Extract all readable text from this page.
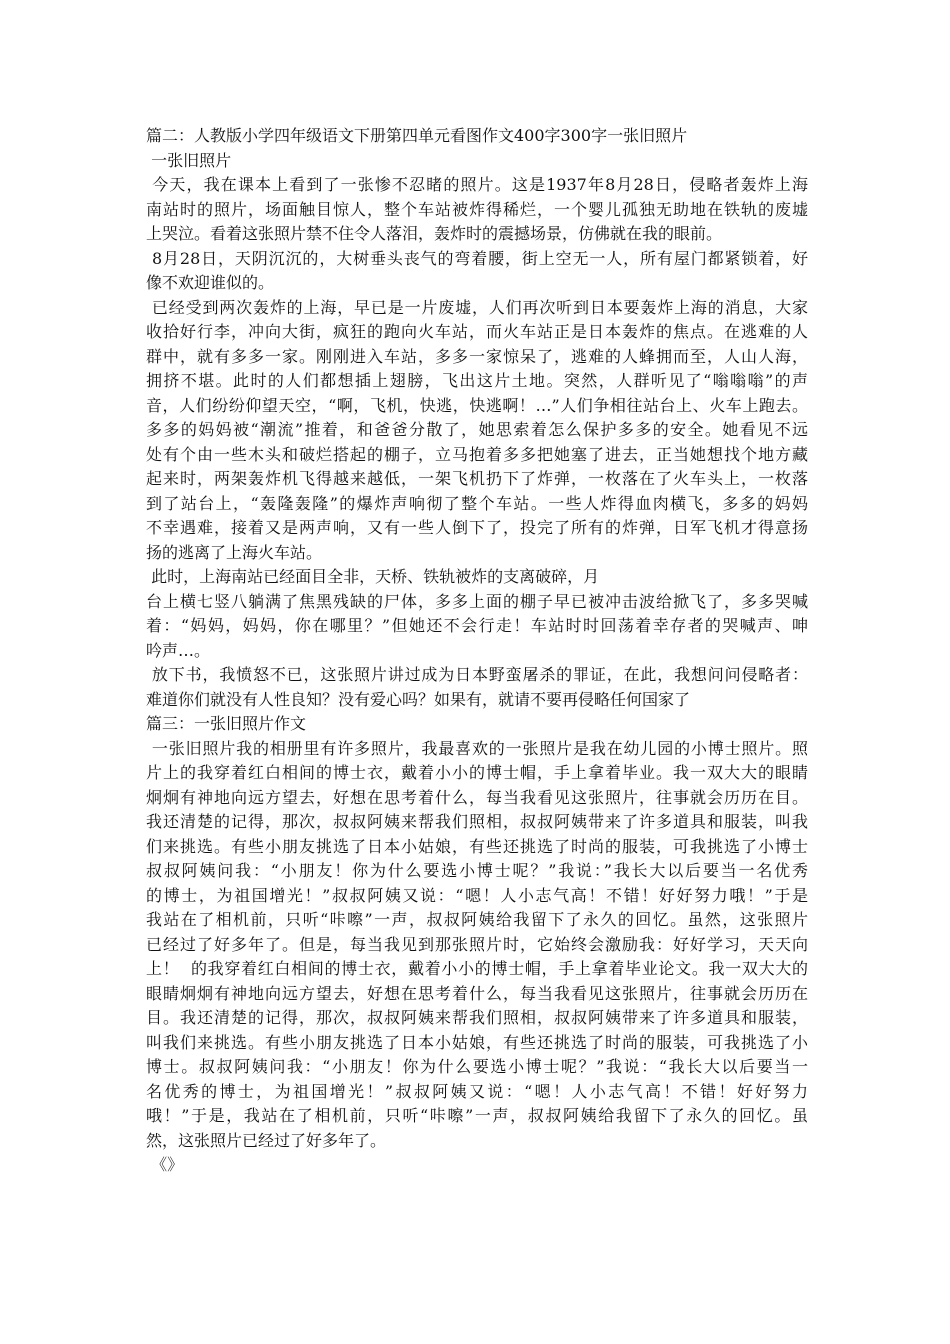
篇二：人教版小学四年级语文下册第四单元看图作文400字300字一张旧照片
一张旧照片
今天，我在课本上看到了一张惨不忍睹的照片。这是1937年8月28日，侵略者轰炸上海
南站时的照片，场面触目惊人，整个车站被炸得稀烂，一个婴儿孤独无助地在铁轨的废墟
上哭泣。看着这张照片禁不住令人落泪，轰炸时的震撼场景，仿佛就在我的眼前。
8月28日，天阴沉沉的，大树垂头丧气的弯着腰，街上空无一人，所有屋门都紧锁着，好
像不欢迎谁似的。
已经受到两次轰炸的上海，早已是一片废墟，人们再次听到日本要轰炸上海的消息，大家
收拾好行李，冲向大街，疯狂的跑向火车站，而火车站正是日本轰炸的焦点。在逃难的人
群中，就有多多一家。刚刚进入车站，多多一家惊呆了，逃难的人蜂拥而至，人山人海，
拥挤不堪。此时的人们都想插上翅膀，飞出这片土地。突然，人群听见了“嗡嗡嗡”的声
音，人们纷纷仰望天空，“啊，飞机，快逃，快逃啊！…”人们争相往站台上、火车上跑去。
多多的妈妈被“潮流”推着，和爸爸分散了，她思索着怎么保护多多的安全。她看见不远
处有个由一些木头和破烂搭起的棚子，立马抱着多多把她塞了进去，正当她想找个地方藏
起来时，两架轰炸机飞得越来越低，一架飞机扔下了炸弹，一枚落在了火车头上，一枚落
到了站台上，“轰隆轰隆”的爆炸声响彻了整个车站。一些人炸得血肉横飞，多多的妈妈
不幸遇难，接着又是两声响，又有一些人倒下了，投完了所有的炸弹，日军飞机才得意扬
扬的逃离了上海火车站。
此时，上海南站已经面目全非，天桥、铁轨被炸的支离破碎，月
台上横七竖八躺满了焦黑残缺的尸体，多多上面的棚子早已被冲击波给掀飞了，多多哭喊
着：“妈妈，妈妈，你在哪里？”但她还不会行走！车站时时回荡着幸存者的哭喊声、呻
吟声…。
放下书，我愤怒不已，这张照片讲过成为日本野蛮屠杀的罪证，在此，我想问问侵略者：
难道你们就没有人性良知？没有爱心吗？如果有，就请不要再侵略任何国家了
篇三：一张旧照片作文
一张旧照片我的相册里有许多照片，我最喜欢的一张照片是我在幼儿园的小博士照片。照
片上的我穿着红白相间的博士衣，戴着小小的博士帽，手上拿着毕业。我一双大大的眼睛
炯炯有神地向远方望去，好想在思考着什么，每当我看见这张照片，往事就会历历在目。
我还清楚的记得，那次，叔叔阿姨来帮我们照相，叔叔阿姨带来了许多道具和服装，叫我
们来挑选。有些小朋友挑选了日本小姑娘，有些还挑选了时尚的服装，可我挑选了小博士
叔叔阿姨问我：“小朋友！你为什么要选小博士呢？”我说：”我长大以后要当一名优秀
的博士，为祖国增光！”叔叔阿姨又说：“嗯！人小志气高！不错！好好努力哦！”于是
我站在了相机前，只听“咔嚓”一声，叔叔阿姨给我留下了永久的回忆。虽然，这张照片
已经过了好多年了。但是，每当我见到那张照片时，它始终会激励我：好好学习，天天向
上！  的我穿着红白相间的博士衣，戴着小小的博士帽，手上拿着毕业论文。我一双大大的
眼睛炯炯有神地向远方望去，好想在思考着什么，每当我看见这张照片，往事就会历历在
目。我还清楚的记得，那次，叔叔阿姨来帮我们照相，叔叔阿姨带来了许多道具和服装，
叫我们来挑选。有些小朋友挑选了日本小姑娘，有些还挑选了时尚的服装，可我挑选了小
博士。叔叔阿姨问我：“小朋友！你为什么要选小博士呢？”我说：“我长大以后要当一
名优秀的博士，为祖国增光！”叔叔阿姨又说：“嗯！人小志气高！不错！好好努力
哦！”于是，我站在了相机前，只听“咔嚓”一声，叔叔阿姨给我留下了永久的回忆。虽
然，这张照片已经过了好多年了。
《》
